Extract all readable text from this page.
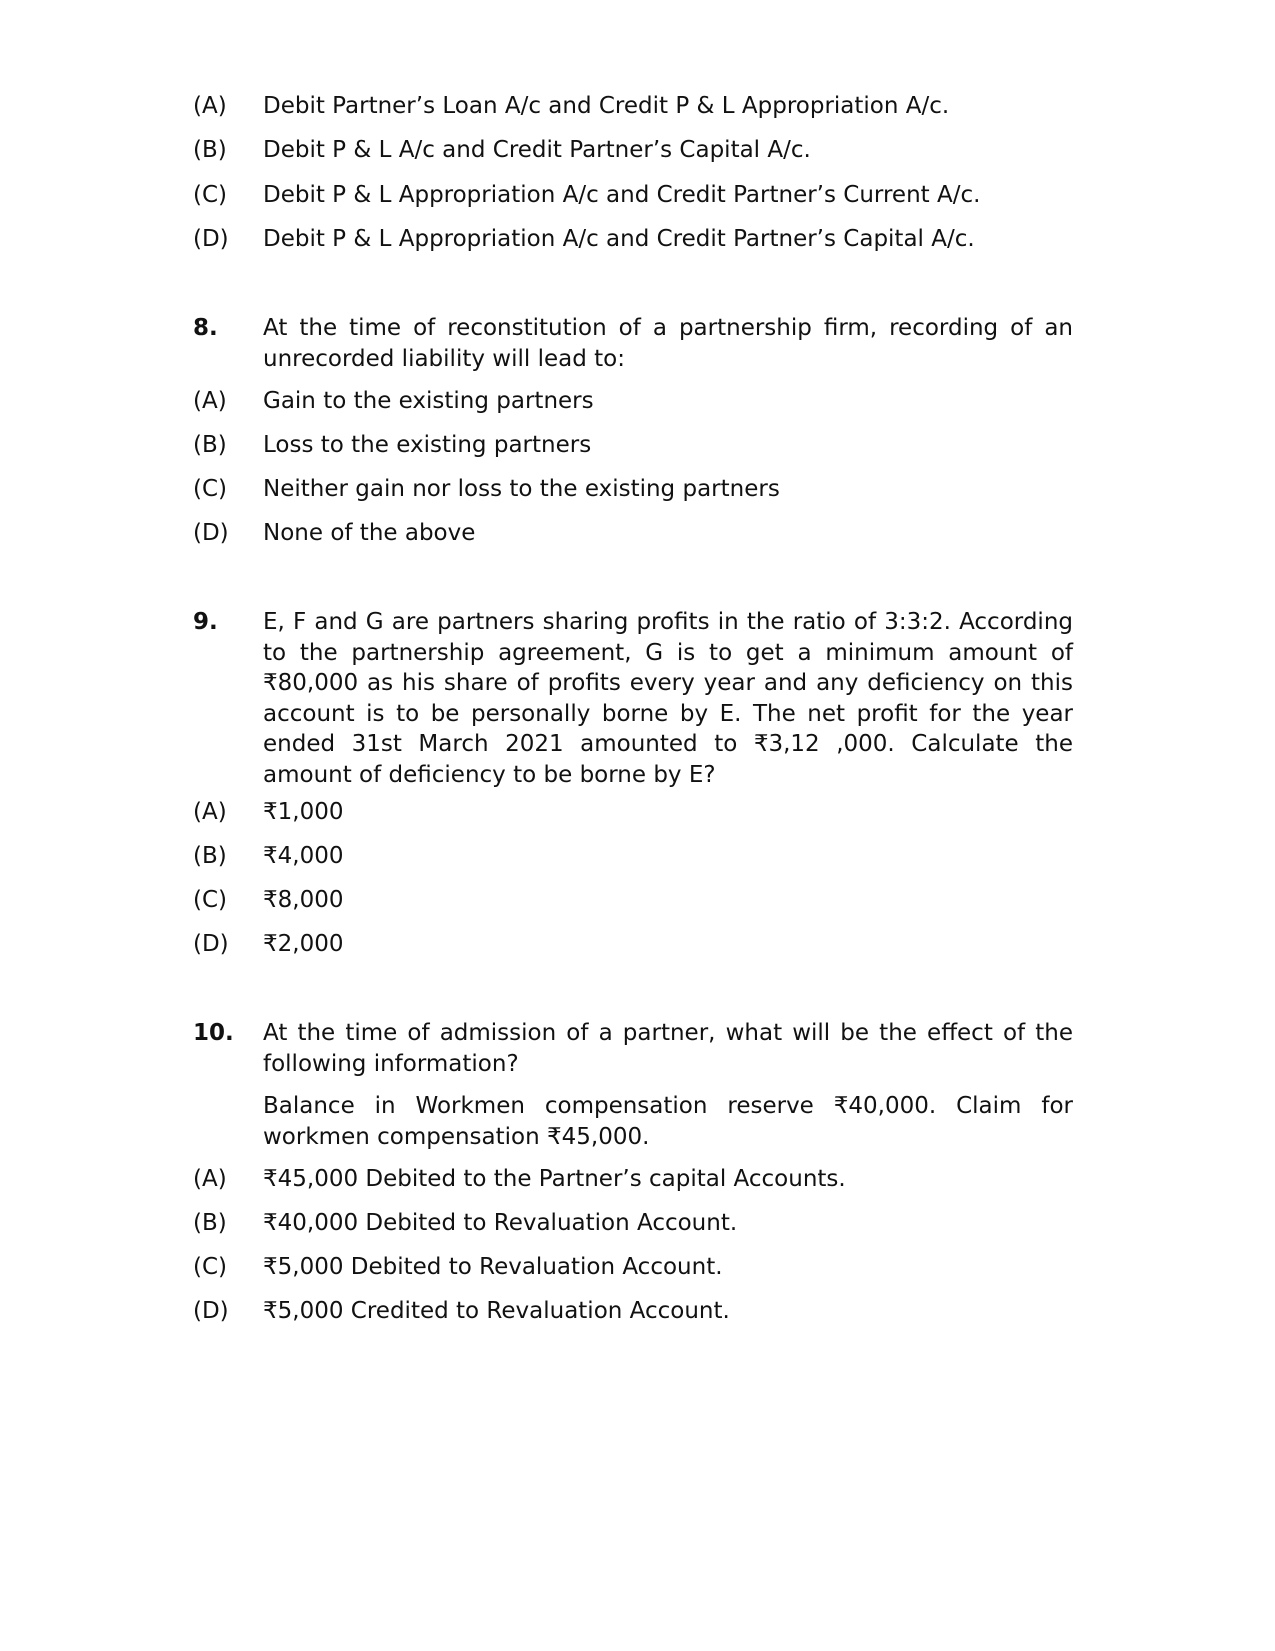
(A)	Debit Partner’s Loan A/c and Credit P & L Appropriation A/c.
(B)	Debit P & L A/c and Credit Partner’s Capital A/c.
(C)	Debit P & L Appropriation A/c and Credit Partner’s Current A/c.
(D)	Debit P & L Appropriation A/c and Credit Partner’s Capital A/c.
8.	At the time of reconstitution of a partnership firm, recording of an unrecorded liability will lead to:
(A)	Gain to the existing partners
(B)	Loss to the existing partners
(C)	Neither gain nor loss to the existing partners
(D)	None of the above
9.	E, F and G are partners sharing profits in the ratio of 3:3:2. According to the partnership agreement, G is to get a minimum amount of ₹80,000 as his share of profits every year and any deficiency on this account is to be personally borne by E. The net profit for the year ended 31st March 2021 amounted to ₹3,12 ,000. Calculate the amount of deficiency to be borne by E?
(A)	₹1,000
(B)	₹4,000
(C)	₹8,000
(D)	₹2,000
10.	At the time of admission of a partner, what will be the effect of the following information?
Balance in Workmen compensation reserve ₹40,000. Claim for workmen compensation ₹45,000.
(A)	₹45,000 Debited to the Partner’s capital Accounts.
(B)	₹40,000 Debited to Revaluation Account.
(C)	₹5,000 Debited to Revaluation Account.
(D)	₹5,000 Credited to Revaluation Account.
